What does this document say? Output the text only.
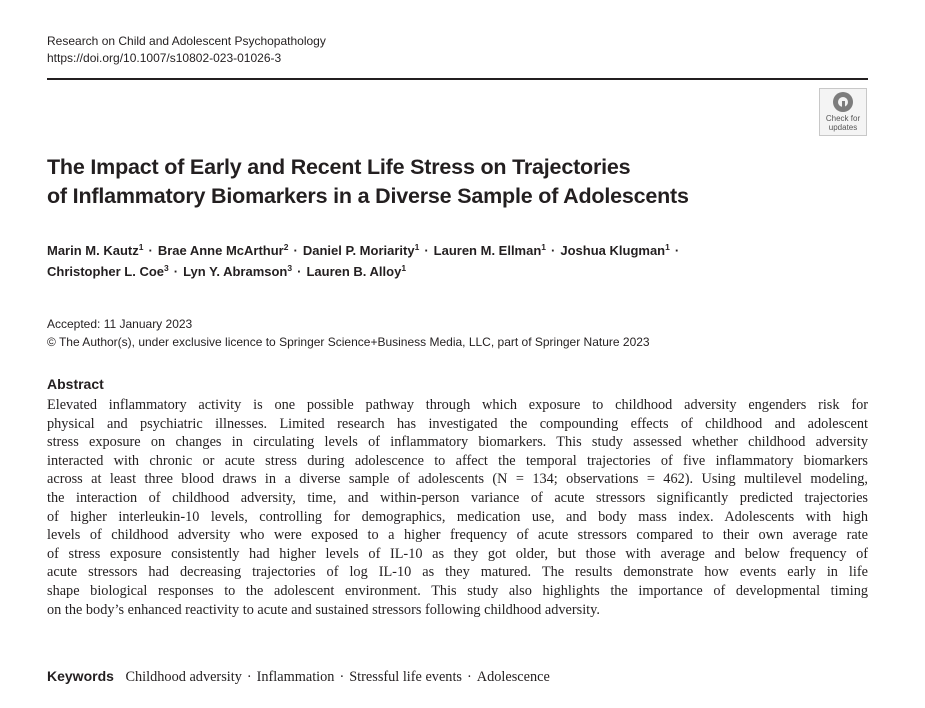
Research on Child and Adolescent Psychopathology
https://doi.org/10.1007/s10802-023-01026-3
Check for
updates
The Impact of Early and Recent Life Stress on Trajectories
of Inflammatory Biomarkers in a Diverse Sample of Adolescents
Marin M. Kautz$^1$ · Brae Anne McArthur$^2$ · Daniel P. Moriarity$^1$ · Lauren M. Ellman$^1$ · Joshua Klugman$^1$ ·
Christopher L. Coe$^3$ · Lyn Y. Abramson$^3$ · Lauren B. Alloy$^1$
Accepted: 11 January 2023
© The Author(s), under exclusive licence to Springer Science+Business Media, LLC, part of Springer Nature 2023
Abstract
Elevated inflammatory activity is one possible pathway through which exposure to childhood adversity engenders risk for
physical and psychiatric illnesses. Limited research has investigated the compounding effects of childhood and adolescent
stress exposure on changes in circulating levels of inflammatory biomarkers. This study assessed whether childhood adversity
interacted with chronic or acute stress during adolescence to affect the temporal trajectories of five inflammatory biomarkers
across at least three blood draws in a diverse sample of adolescents (N = 134; observations = 462). Using multilevel modeling,
the interaction of childhood adversity, time, and within-person variance of acute stressors significantly predicted trajectories
of higher interleukin-10 levels, controlling for demographics, medication use, and body mass index. Adolescents with high
levels of childhood adversity who were exposed to a higher frequency of acute stressors compared to their own average rate
of stress exposure consistently had higher levels of IL-10 as they got older, but those with average and below frequency of
acute stressors had decreasing trajectories of log IL-10 as they matured. The results demonstrate how events early in life
shape biological responses to the adolescent environment. This study also highlights the importance of developmental timing
on the body’s enhanced reactivity to acute and sustained stressors following childhood adversity.
Keywords Childhood adversity · Inflammation · Stressful life events · Adolescence
